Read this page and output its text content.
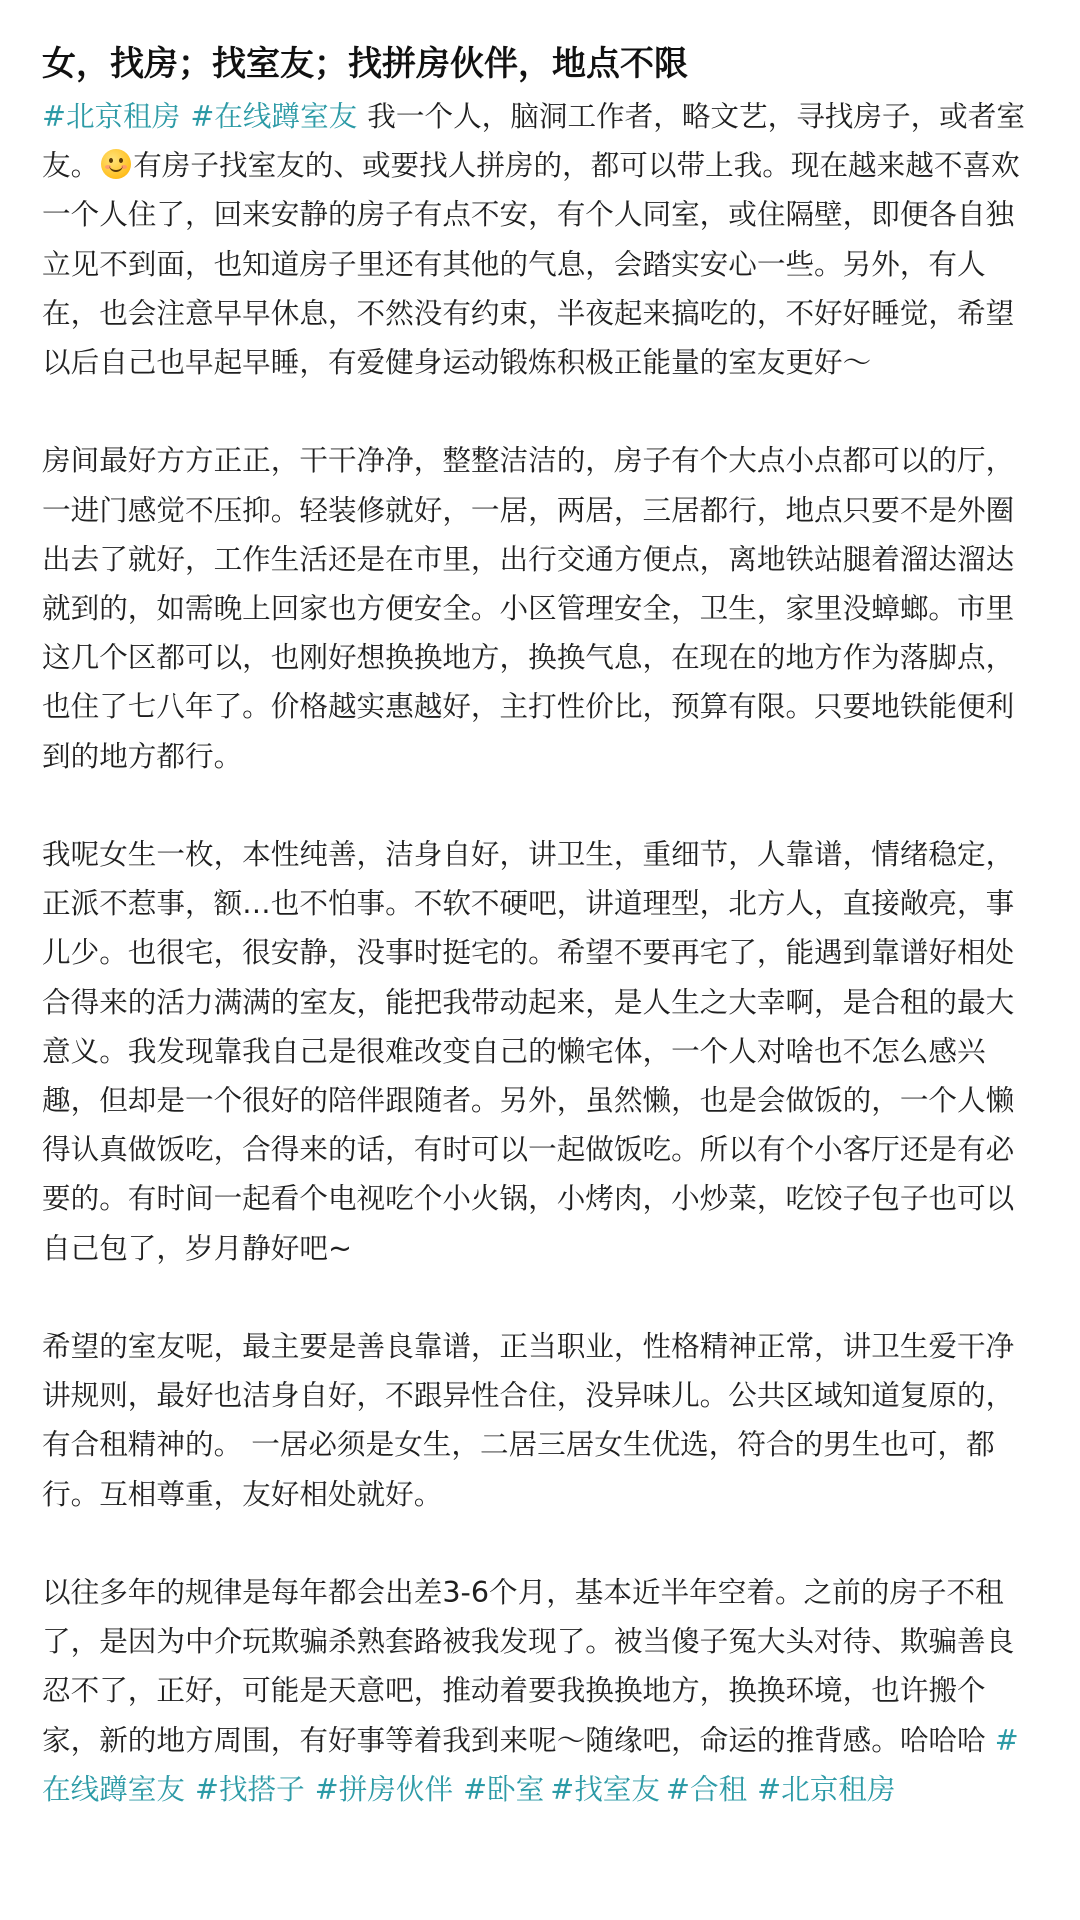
女，找房；找室友；找拼房伙伴，地点不限

#北京租房 #在线蹲室友 我一个人，脑洞工作者，略文艺，寻找房子，或者室友。 有房子找室友的、或要找人拼房的，都可以带上我。现在越来越不喜欢一个人住了，回来安静的房子有点不安，有个人同室，或住隔壁，即便各自独立见不到面，也知道房子里还有其他的气息，会踏实安心一些。另外，有人在，也会注意早早休息，不然没有约束，半夜起来搞吃的，不好好睡觉，希望以后自己也早起早睡，有爱健身运动锻炼积极正能量的室友更好～

房间最好方方正正，干干净净，整整洁洁的，房子有个大点小点都可以的厅，一进门感觉不压抑。轻装修就好，一居，两居，三居都行，地点只要不是外圈出去了就好，工作生活还是在市里，出行交通方便点，离地铁站腿着溜达溜达就到的，如需晚上回家也方便安全。小区管理安全，卫生，家里没蟑螂。市里这几个区都可以，也刚好想换换地方，换换气息，在现在的地方作为落脚点，也住了七八年了。价格越实惠越好，主打性价比，预算有限。只要地铁能便利到的地方都行。

我呢女生一枚，本性纯善，洁身自好，讲卫生，重细节，人靠谱，情绪稳定，正派不惹事，额…也不怕事。不软不硬吧，讲道理型，北方人，直接敞亮，事儿少。也很宅，很安静，没事时挺宅的。希望不要再宅了，能遇到靠谱好相处合得来的活力满满的室友，能把我带动起来，是人生之大幸啊，是合租的最大意义。我发现靠我自己是很难改变自己的懒宅体，一个人对啥也不怎么感兴趣，但却是一个很好的陪伴跟随者。另外，虽然懒，也是会做饭的，一个人懒得认真做饭吃，合得来的话，有时可以一起做饭吃。所以有个小客厅还是有必要的。有时间一起看个电视吃个小火锅，小烤肉，小炒菜，吃饺子包子也可以自己包了，岁月静好吧~

希望的室友呢，最主要是善良靠谱，正当职业，性格精神正常，讲卫生爱干净讲规则，最好也洁身自好，不跟异性合住，没异味儿。公共区域知道复原的，有合租精神的。 一居必须是女生，二居三居女生优选，符合的男生也可，都行。互相尊重，友好相处就好。

以往多年的规律是每年都会出差3-6个月，基本近半年空着。之前的房子不租了，是因为中介玩欺骗杀熟套路被我发现了。被当傻子冤大头对待、欺骗善良忍不了，正好，可能是天意吧，推动着要我换换地方，换换环境，也许搬个家，新的地方周围，有好事等着我到来呢～随缘吧，命运的推背感。哈哈哈 #在线蹲室友 #找搭子 #拼房伙伴 #卧室 #找室友 #合租 #北京租房
